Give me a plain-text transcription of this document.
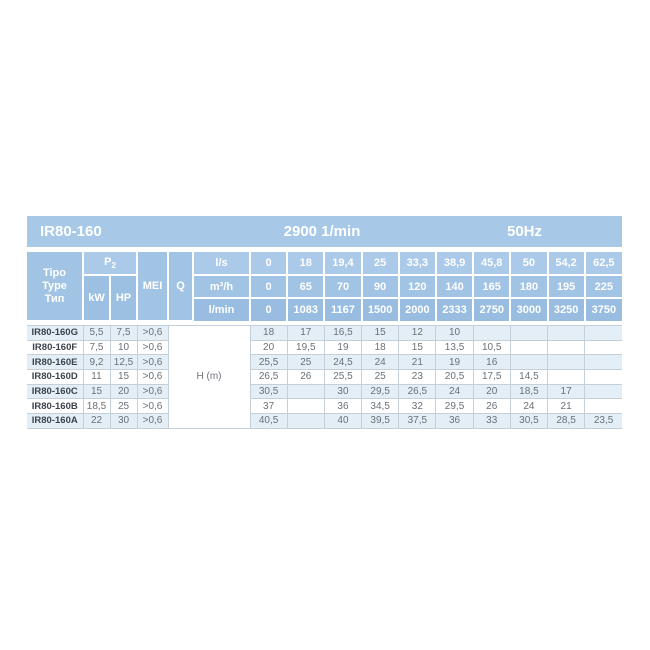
IR80-160	2900 1/min	50Hz
Tipo
Type
Тип	$P_2$		MEI	Q	l/s	0	18	19,4	25	33,3	38,9	45,8	50	54,2	62,5
	kW	HP			m³/h	0	65	70	90	120	140	165	180	195	225
					l/min	0	1083	1167	1500	2000	2333	2750	3000	3250	3750
IR80-160G	5,5	7,5	>0,6	H (m)	18	17	16,5	15	12	10				
IR80-160F	7,5	10	>0,6		20	19,5	19	18	15	13,5	10,5			
IR80-160E	9,2	12,5	>0,6		25,5	25	24,5	24	21	19	16			
IR80-160D	11	15	>0,6		26,5	26	25,5	25	23	20,5	17,5	14,5		
IR80-160C	15	20	>0,6		30,5		30	29,5	26,5	24	20	18,5	17	
IR80-160B	18,5	25	>0,6		37		36	34,5	32	29,5	26	24	21	
IR80-160A	22	30	>0,6		40,5		40	39,5	37,5	36	33	30,5	28,5	23,5
